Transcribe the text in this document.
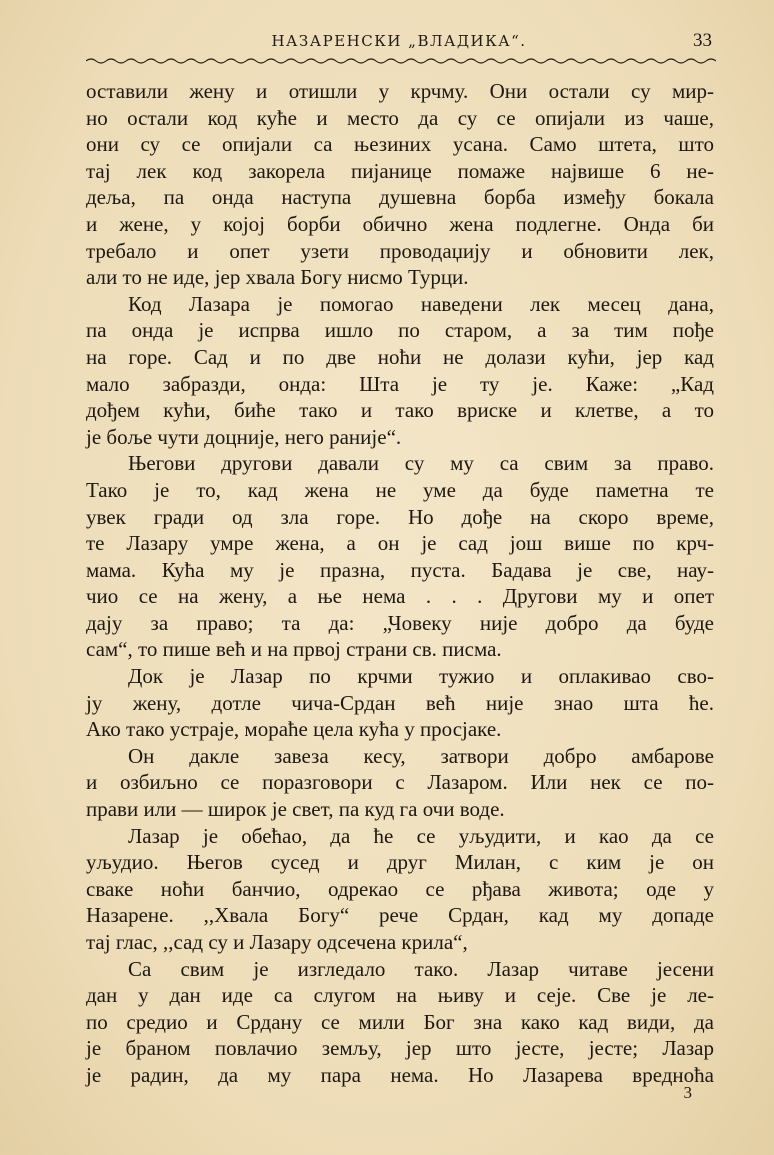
НАЗАРЕНСКИ „ВЛАДИКА“.	33
оставили жену и отишли у крчму. Они остали су мир-
но остали код куће и место да су се опијали из чаше,
они су се опијали са њезиних усана. Само штета, што
тај лек код закорела пијанице помаже највише 6 не-
деља, па онда наступа душевна борба између бокала
и жене, у којој борби обично жена подлегне. Онда би
требало и опет узети проводаџију и обновити лек,
али то не иде, јер хвала Богу нисмо Турци.
Код Лазара је помогао наведени лек месец дана,
па онда је испрва ишло по старом, а за тим пође
на горе. Сад и по две ноћи не долази кући, јер кад
мало забразди, онда: Шта је ту је. Каже: „Кад
дођем кући, биће тако и тако вриске и клетве, а то
је боље чути доцније, него раније“.
Његови другови давали су му са свим за право.
Тако је то, кад жена не уме да буде паметна те
увек гради од зла горе. Но дође на скоро време,
те Лазару умре жена, а он је сад још више по крч-
мама. Кућа му је празна, пуста. Бадава је све, нау-
чио се на жену, а ње нема . . . Другови му и опет
дају за право; та да: „Човеку није добро да буде
сам“, то пише већ и на првој страни св. писма.
Док је Лазар по крчми тужио и оплакивао сво-
ју жену, дотле чича-Срдан већ није знао шта ће.
Ако тако устраје, мораће цела кућа у просјаке.
Он дакле завеза кесу, затвори добро амбарове
и озбиљно се поразговори с Лазаром. Или нек се по-
прави или — широк је свет, па куд га очи воде.
Лазар је обећао, да ће се уљудити, и као да се
уљудио. Његов сусед и друг Милан, с ким је он
сваке ноћи банчио, одрекао се рђава живота; оде у
Назарене. ,,Хвала Богу“ рече Срдан, кад му допаде
тај глас, ,,сад су и Лазару одсечена крила“,
Са свим је изгледало тако. Лазар читаве јесени
дан у дан иде са слугом на њиву и сеје. Све је ле-
по средио и Срдану се мили Бог зна како кад види, да
је браном повлачио земљу, јер што јесте, јесте; Лазар
је радин, да му пара нема. Но Лазарева вредноћа
3
